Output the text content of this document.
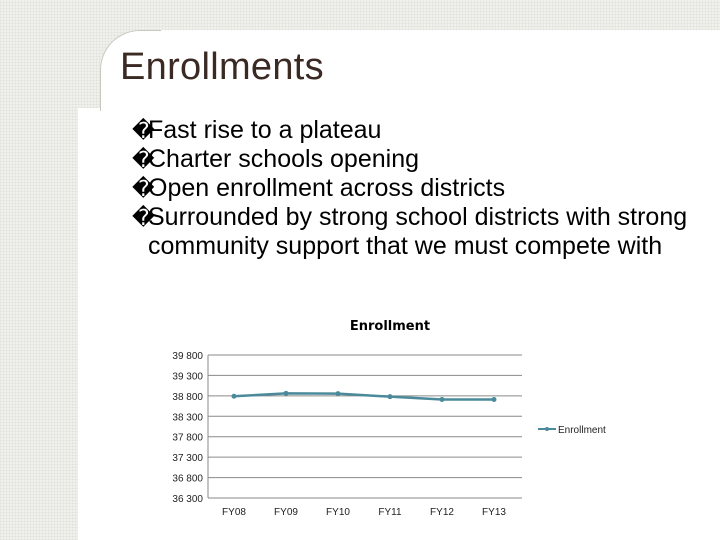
Enrollments
�
Fast rise to a plateau
�
Charter schools opening
�
Open enrollment across districts
�
Surrounded by strong school districts with strong community support that we must compete with
Enrollment
36 300
36 800
37 300
37 800
38 300
38 800
39 300
39 800
FY08	FY09	FY10	FY11	FY12	FY13
Enrollment
